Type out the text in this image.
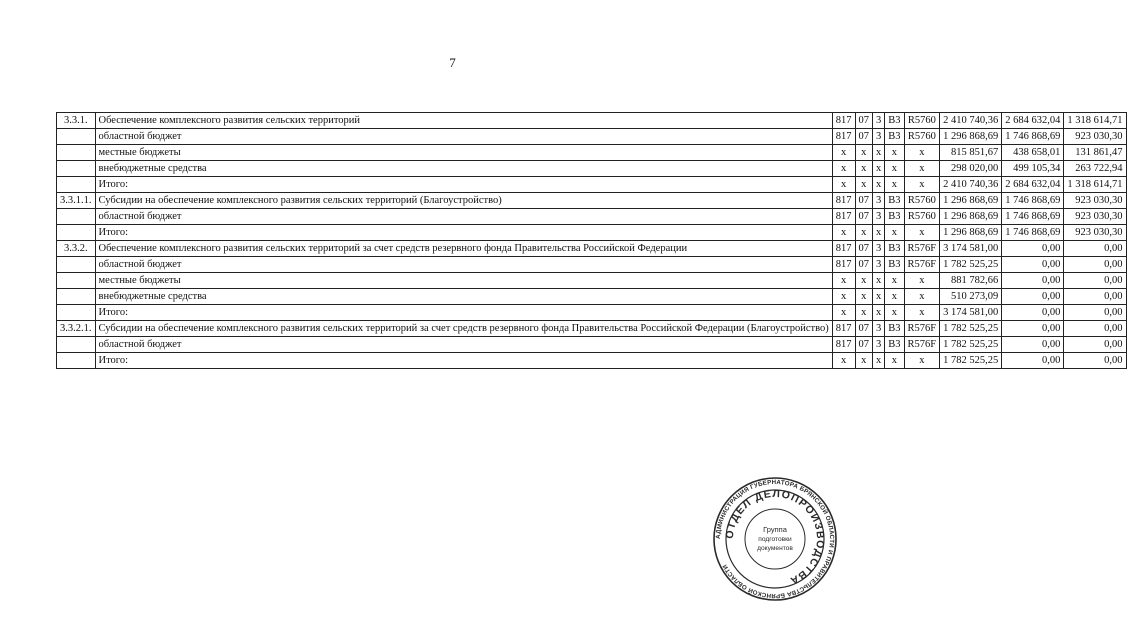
7
3.3.1.	Обеспечение комплексного развития сельских территорий	817	07	3	В3	R5760	2 410 740,36	2 684 632,04	1 318 614,71
	областной бюджет	817	07	3	В3	R5760	1 296 868,69	1 746 868,69	923 030,30
	местные бюджеты	х	х	х	х	х	815 851,67	438 658,01	131 861,47
	внебюджетные средства	х	х	х	х	х	298 020,00	499 105,34	263 722,94
	Итого:	х	х	х	х	х	2 410 740,36	2 684 632,04	1 318 614,71
3.3.1.1.	Субсидии на обеспечение комплексного развития сельских территорий (Благоустройство)	817	07	3	В3	R5760	1 296 868,69	1 746 868,69	923 030,30
	областной бюджет	817	07	3	В3	R5760	1 296 868,69	1 746 868,69	923 030,30
	Итого:	х	х	х	х	х	1 296 868,69	1 746 868,69	923 030,30
3.3.2.	Обеспечение комплексного развития сельских территорий за счет средств резервного фонда Правительства Российской Федерации	817	07	3	В3	R576F	3 174 581,00	0,00	0,00
	областной бюджет	817	07	3	В3	R576F	1 782 525,25	0,00	0,00
	местные бюджеты	х	х	х	х	х	881 782,66	0,00	0,00
	внебюджетные средства	х	х	х	х	х	510 273,09	0,00	0,00
	Итого:	х	х	х	х	х	3 174 581,00	0,00	0,00
3.3.2.1.	Субсидии на обеспечение комплексного развития сельских территорий за счет средств резервного фонда Правительства Российской Федерации (Благоустройство)	817	07	3	В3	R576F	1 782 525,25	0,00	0,00
	областной бюджет	817	07	3	В3	R576F	1 782 525,25	0,00	0,00
	Итого:	х	х	х	х	х	1 782 525,25	0,00	0,00
АДМИНИСТРАЦИЯ ГУБЕРНАТОРА БРЯНСКОЙ ОБЛАСТИ И ПРАВИТЕЛЬСТВА БРЯНСКОЙ ОБЛАСТИ
ОТДЕЛ ДЕЛОПРОИЗВОДСТВА
Группа
подготовки
документов
